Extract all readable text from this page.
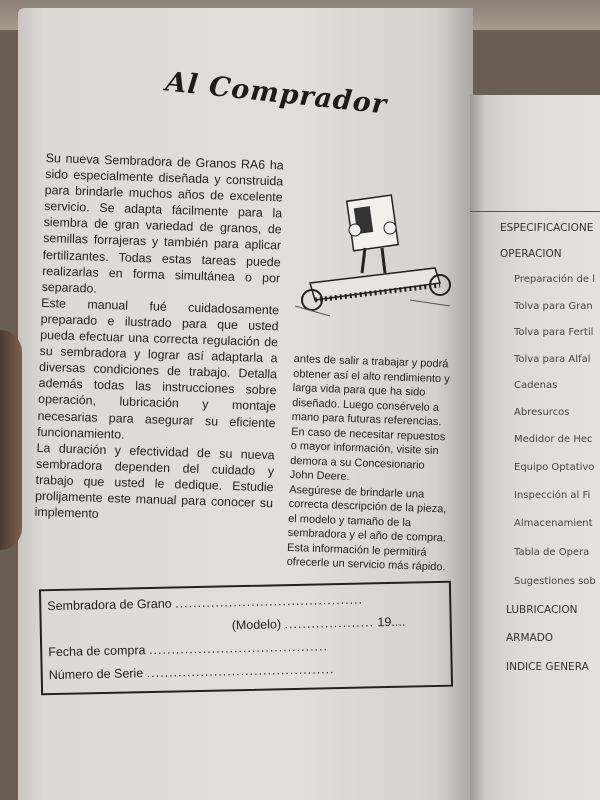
Al Comprador

Su nueva Sembradora de Granos RA6 ha sido especialmente diseñada y construida para brindarle muchos años de excelente servicio. Se adapta fácilmente para la siembra de gran variedad de granos, de semillas forrajeras y también para aplicar fertilizantes. Todas estas tareas puede realizarlas en forma simultánea o por separado.

Este manual fué cuidadosamente preparado e ilustrado para que usted pueda efectuar una correcta regulación de su sembradora y lograr así adaptarla a diversas condiciones de trabajo. Detalla además todas las instrucciones sobre operación, lubricación y montaje necesarias para asegurar su eficiente funcionamiento.

La duración y efectividad de su nueva sembradora dependen del cuidado y trabajo que usted le dedique. Estudie prolijamente este manual para conocer su implemento

antes de salir a trabajar y podrá obtener así el alto rendimiento y larga vida para que ha sido diseñado. Luego consérvelo a mano para futuras referencias.

En caso de necesitar repuestos o mayor información, visite sin demora a su Concesionario John Deere.

Asegúrese de brindarle una correcta descripción de la pieza, el modelo y tamaño de la sembradora y el año de compra. Esta información le permitirá ofrecerle un servicio más rápido.

Sembradora de Grano ..........................................
(Modelo) .................... 19....
Fecha de compra ........................................
Número de Serie ..........................................
ESPECIFICACIONE
OPERACION
Preparación de l
Tolva para Gran
Tolva para Fertil
Tolva para Alfal
Cadenas
Abresurcos
Medidor de Hec
Equipo Optativo
Inspección al Fi
Almacenamient
Tabla de Opera
Sugestiones sob
LUBRICACION
ARMADO
INDICE GENERA
